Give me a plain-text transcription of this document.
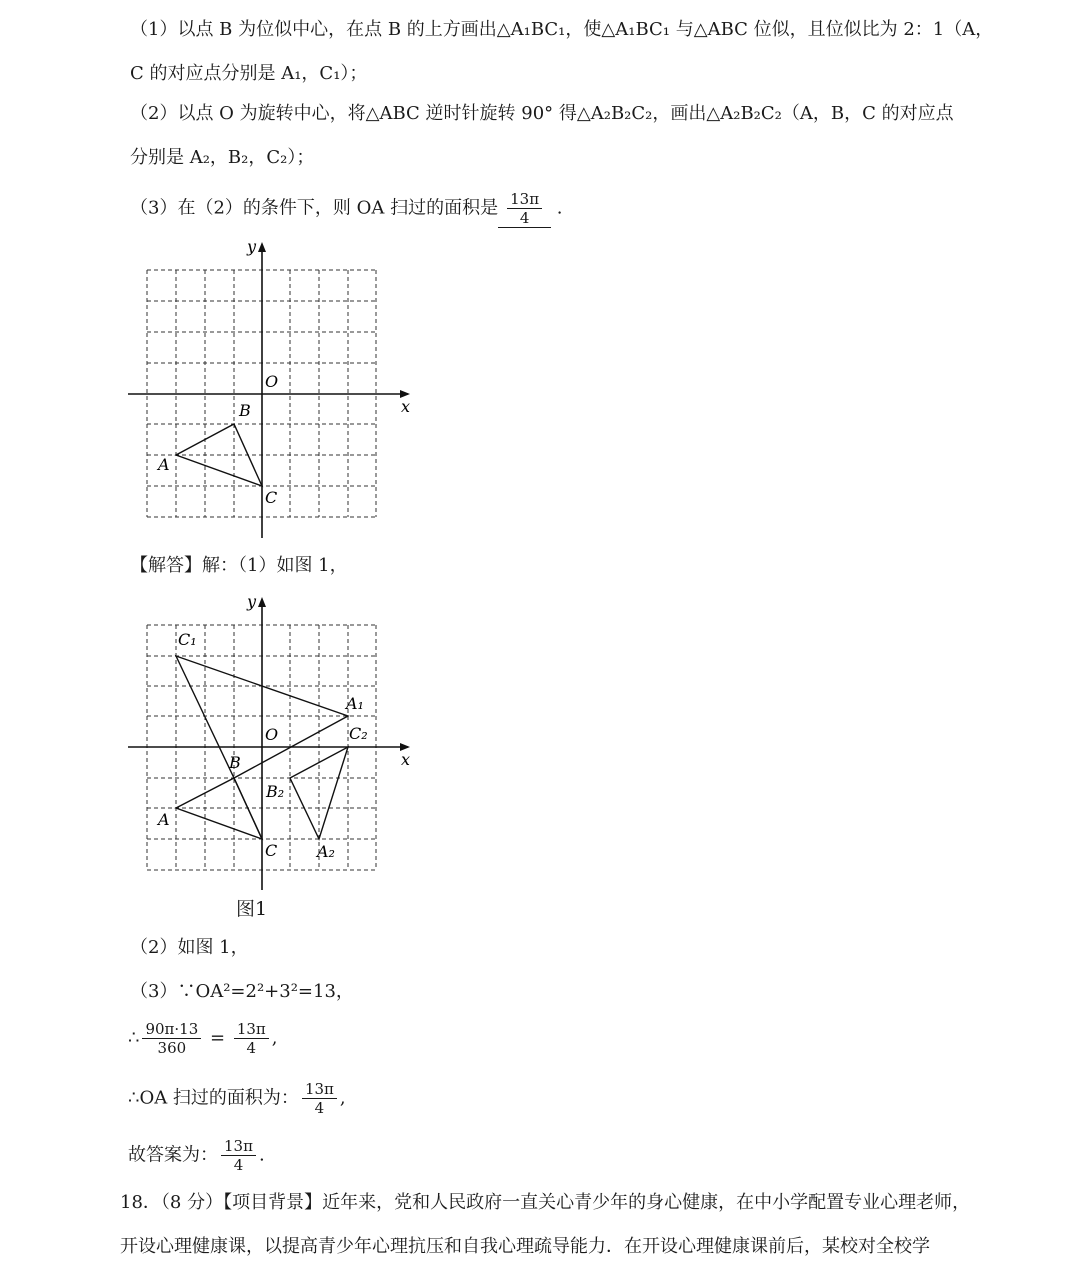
（1）以点 B 为位似中心，在点 B 的上方画出△A₁BC₁，使△A₁BC₁ 与△ABC 位似，且位似比为 2：1（A，
C 的对应点分别是 A₁，C₁）；
（2）以点 O 为旋转中心，将△ABC 逆时针旋转 90° 得△A₂B₂C₂，画出△A₂B₂C₂（A，B，C 的对应点
分别是 A₂，B₂，C₂）；
（3）在（2）的条件下，则 OA 扫过的面积是 $\frac{13\pi}{4}$ .
x
y
O
B
A
C
【解答】解：（1）如图 1，
x
y
O
C₁
A₁
C₂
B
B₂
A
C A₂
图1
（2）如图 1，
（3）∵OA²=2²+3²=13，
∴ $\frac{90\pi\cdot 13}{360} = \frac{13\pi}{4}$ ,
∴OA 扫过的面积为： $\frac{13\pi}{4}$ ,
故答案为： $\frac{13\pi}{4}$ .
18．（8 分）【项目背景】近年来，党和人民政府一直关心青少年的身心健康，在中小学配置专业心理老师，
开设心理健康课，以提高青少年心理抗压和自我心理疏导能力．在开设心理健康课前后，某校对全校学
